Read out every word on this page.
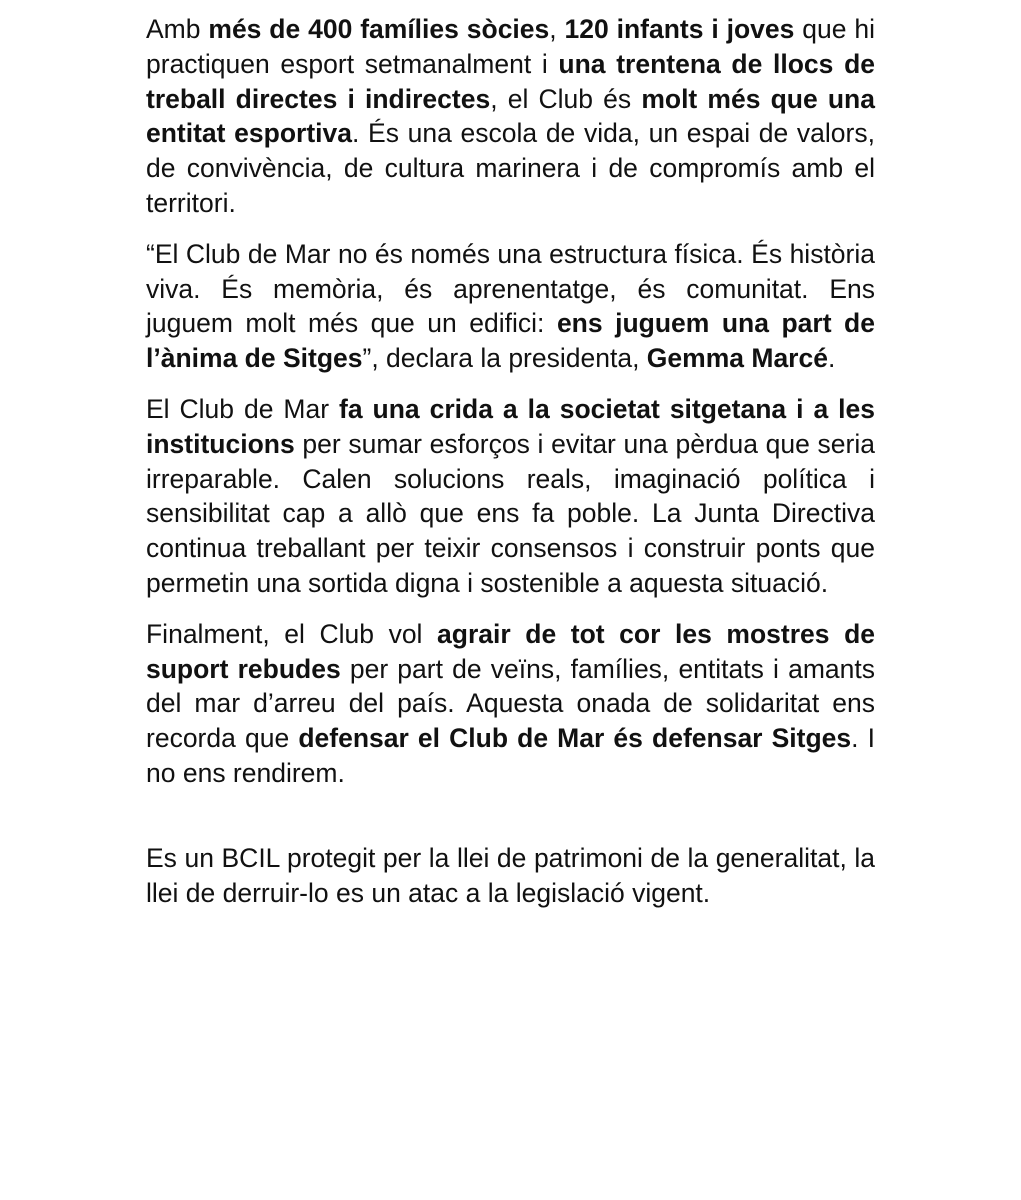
Amb més de 400 famílies sòcies, 120 infants i joves que hi practiquen esport setmanalment i una trentena de llocs de treball directes i indirectes, el Club és molt més que una entitat esportiva. És una escola de vida, un espai de valors, de convivència, de cultura marinera i de compromís amb el territori.

“El Club de Mar no és només una estructura física. És història viva. És memòria, és aprenentatge, és comunitat. Ens juguem molt més que un edifici: ens juguem una part de l’ànima de Sitges”, declara la presidenta, Gemma Marcé.

El Club de Mar fa una crida a la societat sitgetana i a les institucions per sumar esforços i evitar una pèrdua que seria irreparable. Calen solucions reals, imaginació política i sensibilitat cap a allò que ens fa poble. La Junta Directiva continua treballant per teixir consensos i construir ponts que permetin una sortida digna i sostenible a aquesta situació.

Finalment, el Club vol agrair de tot cor les mostres de suport rebudes per part de veïns, famílies, entitats i amants del mar d’arreu del país. Aquesta onada de solidaritat ens recorda que defensar el Club de Mar és defensar Sitges. I no ens rendirem.

Es un BCIL protegit per la llei de patrimoni de la generalitat, la llei de derruir-lo es un atac a la legislació vigent.
